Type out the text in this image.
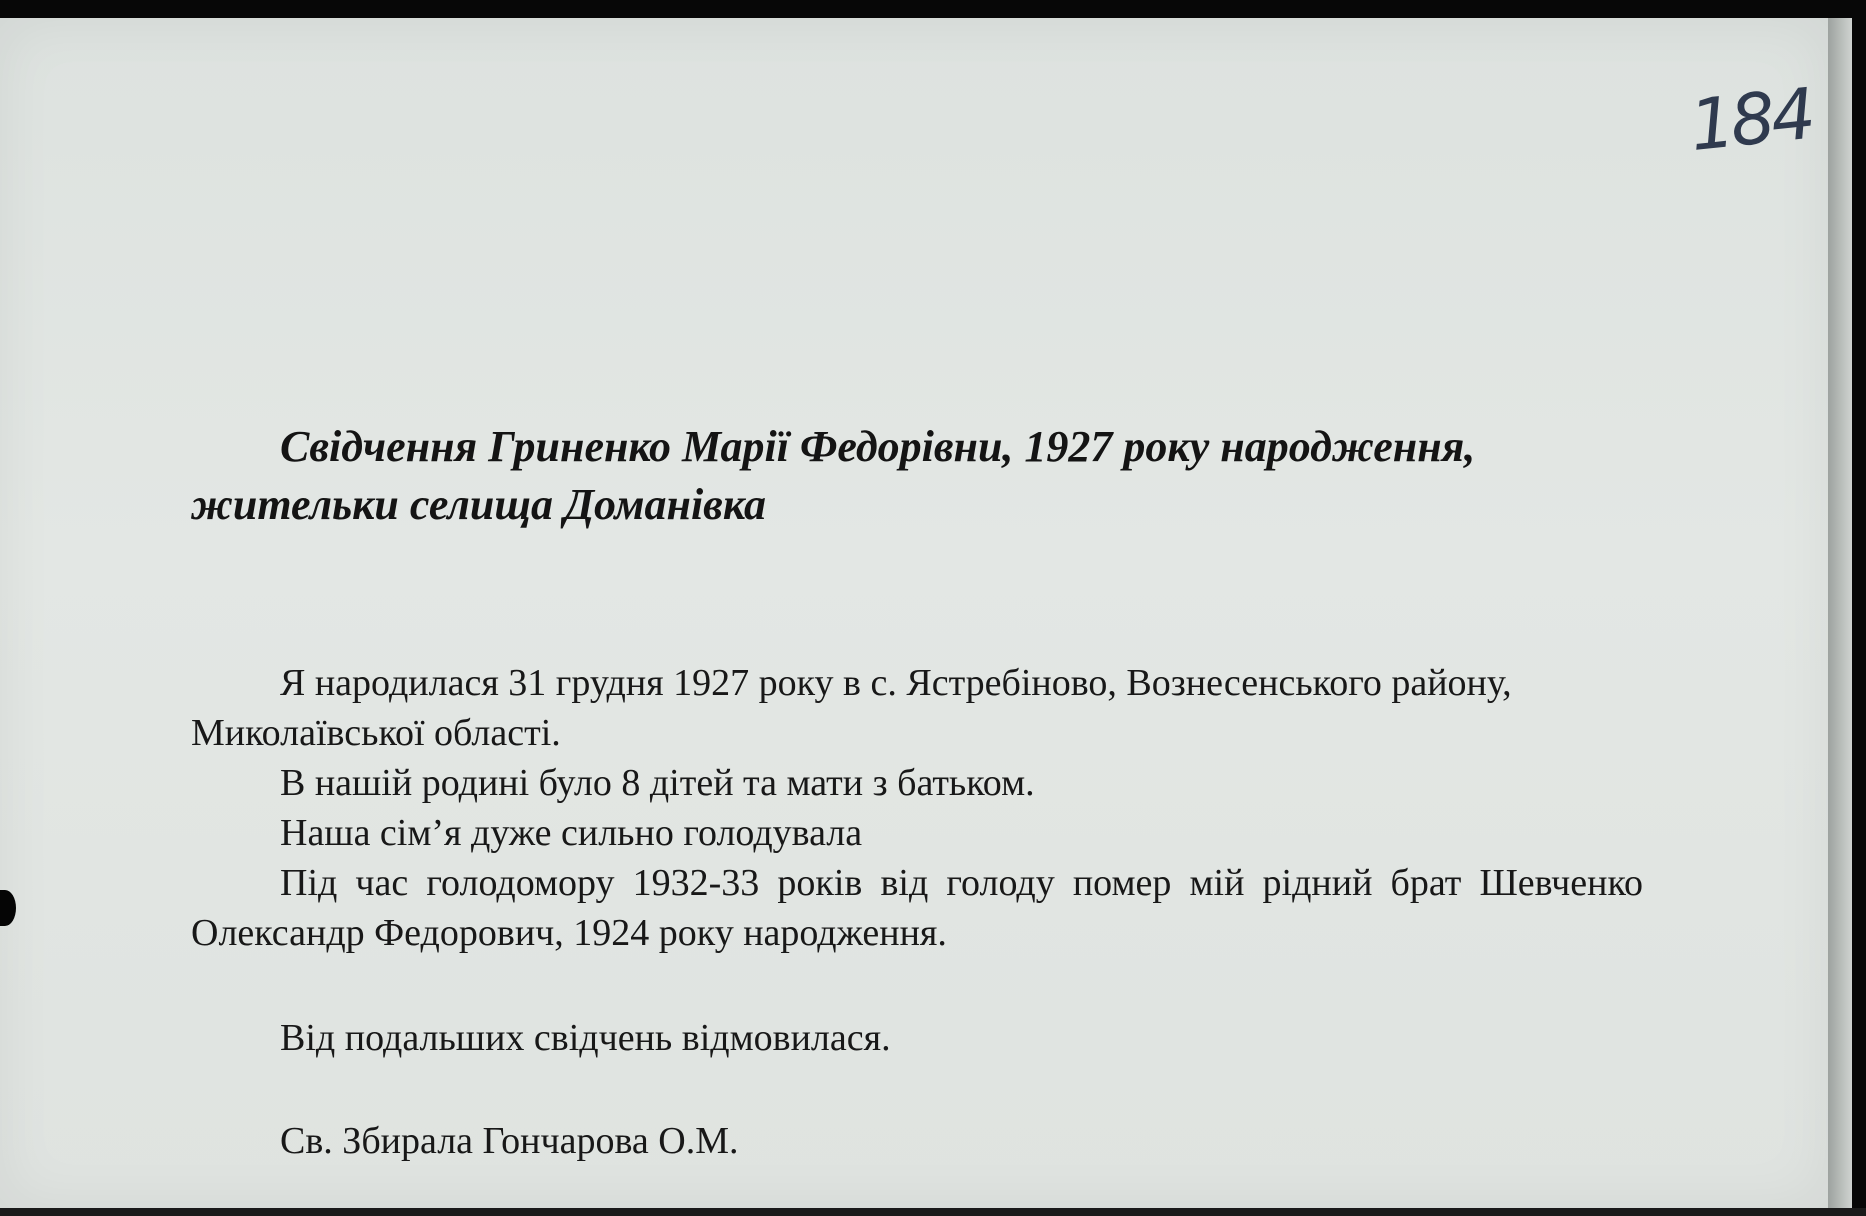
184
Свідчення Гриненко Марії Федорівни, 1927 року народження, жительки селища Доманівка

Я народилася 31 грудня 1927 року в с. Ястребіново, Вознесенського району, Миколаївської області.

В нашій родині було 8 дітей та мати з батьком.

Наша сім’я дуже сильно голодувала

Під час голодомору 1932-33 років від голоду помер мій рідний брат Шевченко Олександр Федорович, 1924 року народження.

Від подальших свідчень відмовилася.

Св. Збирала Гончарова О.М.
